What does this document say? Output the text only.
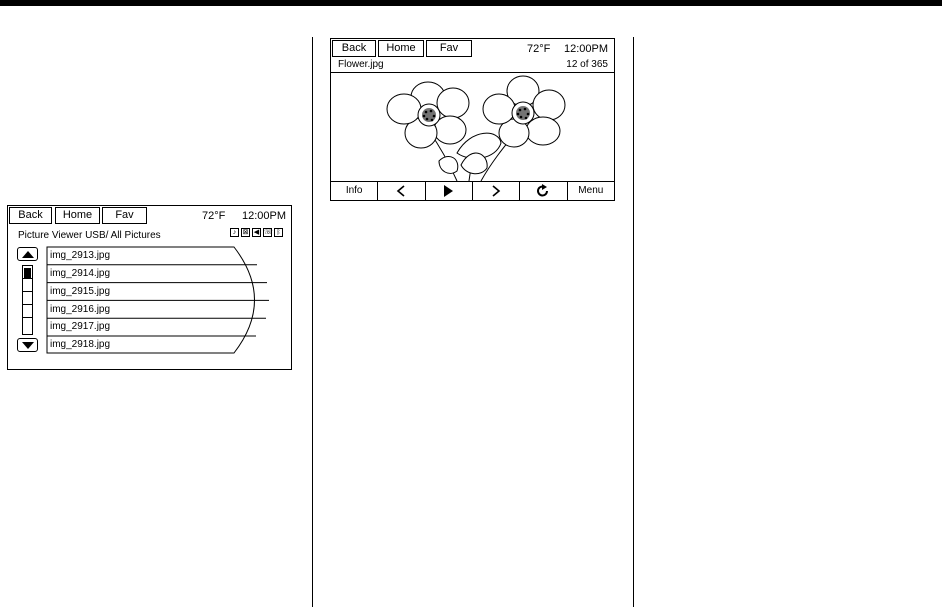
Back	Home	Fav	72°F 12:00PM
Picture Viewer USB/ All Pictures	♪ ⊠ ◀ ☏ ᛒ
img_2913.jpg
img_2914.jpg
img_2915.jpg
img_2916.jpg
img_2917.jpg
img_2918.jpg
Back	Home	Fav	72°F 12:00PM
Flower.jpg	12 of 365
Info	Menu
